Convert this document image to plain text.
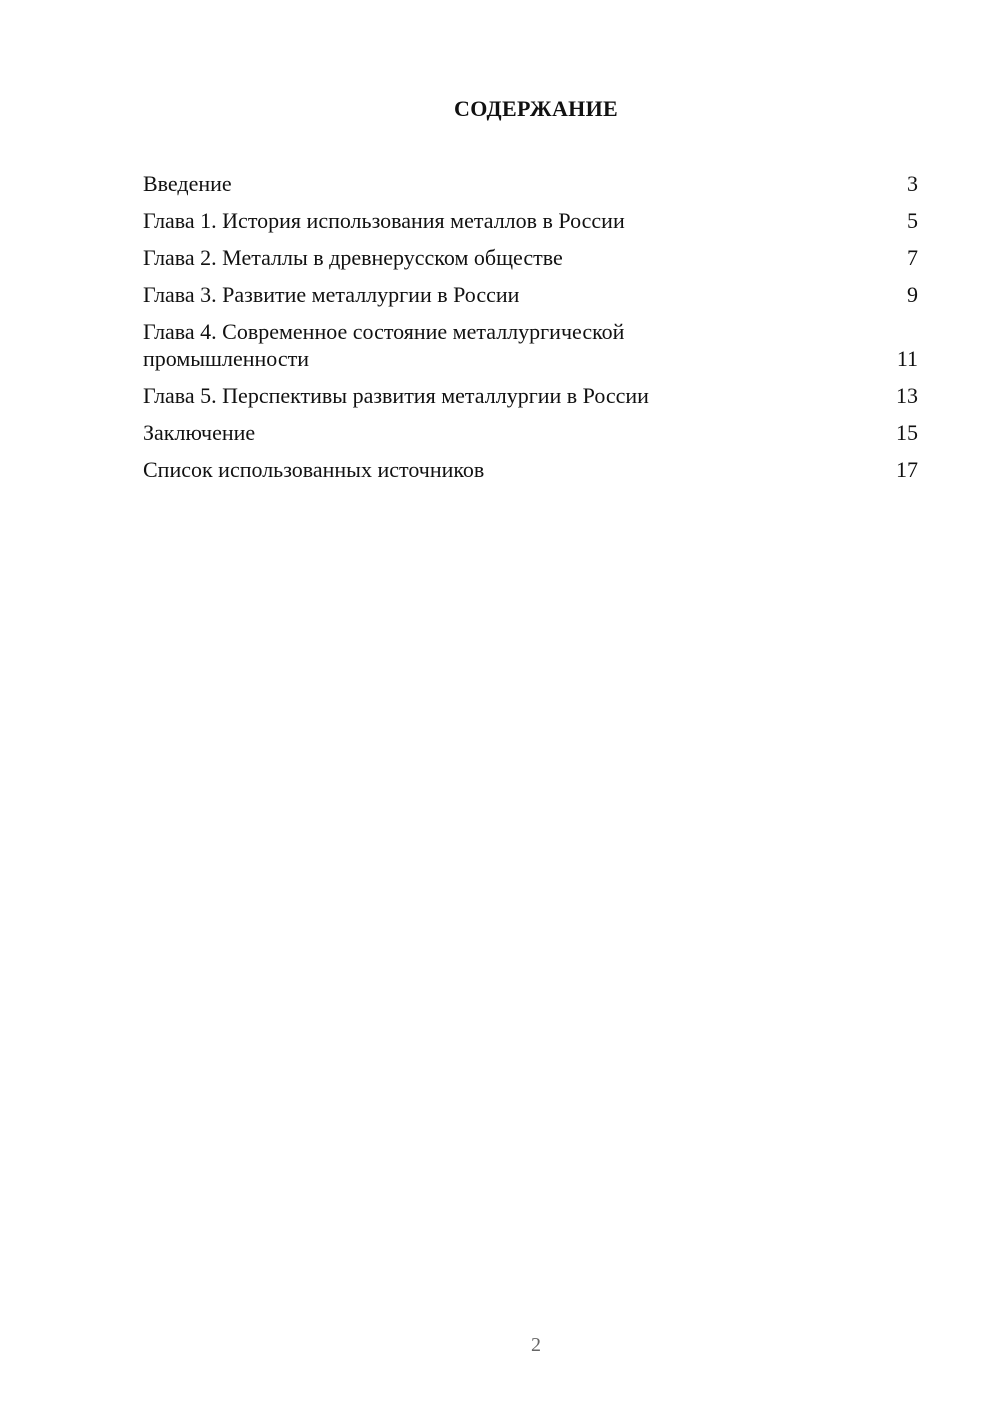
СОДЕРЖАНИЕ
Введение	3
Глава 1. История использования металлов в России	5
Глава 2. Металлы в древнерусском обществе	7
Глава 3. Развитие металлургии в России	9
Глава 4. Современное состояние металлургической промышленности	11
Глава 5. Перспективы развития металлургии в России	13
Заключение	15
Список использованных источников	17
2
